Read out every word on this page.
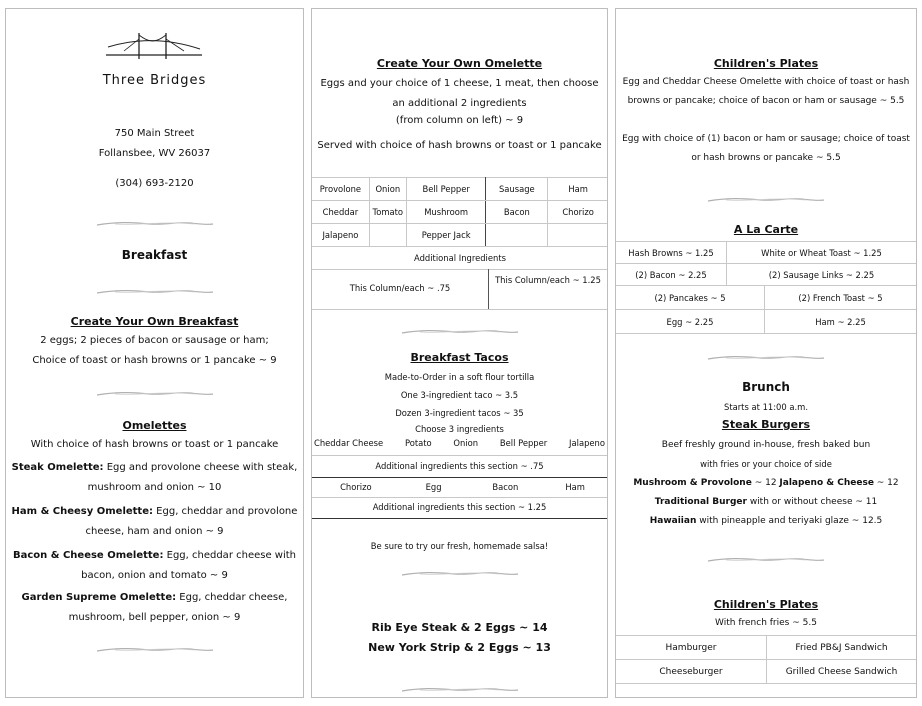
Three Bridges
750 Main Street
Follansbee, WV 26037
(304) 693-2120
Breakfast
Create Your Own Breakfast
2 eggs; 2 pieces of bacon or sausage or ham;
Choice of toast or hash browns or 1 pancake ~ 9
Omelettes
With choice of hash browns or toast or 1 pancake
Steak Omelette: Egg and provolone cheese with steak, mushroom and onion ~ 10
Ham & Cheesy Omelette: Egg, cheddar and provolone cheese, ham and onion ~ 9
Bacon & Cheese Omelette: Egg, cheddar cheese with bacon, onion and tomato ~ 9
Garden Supreme Omelette: Egg, cheddar cheese, mushroom, bell pepper, onion ~ 9
Create Your Own Omelette
Eggs and your choice of 1 cheese, 1 meat, then choose an additional 2 ingredients
(from column on left) ~ 9
Served with choice of hash browns or toast or 1 pancake
Provolone	Onion	Bell Pepper	Sausage	Ham
Cheddar	Tomato	Mushroom	Bacon	Chorizo
Jalapeno		Pepper Jack		
Additional Ingredients				
This Column/each ~ .75
This Column/each ~ 1.25
Breakfast Tacos
Made-to-Order in a soft flour tortilla
One 3-ingredient taco ~ 3.5
Dozen 3-ingredient tacos ~ 35
Choose 3 ingredients
Cheddar Cheese	Potato	Onion	Bell Pepper	Jalapeno
Additional ingredients this section ~ .75
Chorizo	Egg	Bacon	Ham
Additional ingredients this section ~ 1.25
Be sure to try our fresh, homemade salsa!
Rib Eye Steak & 2 Eggs ~ 14
New York Strip & 2 Eggs ~ 13
Children's Plates
Egg and Cheddar Cheese Omelette with choice of toast or hash browns or pancake; choice of bacon or ham or sausage ~ 5.5
Egg with choice of (1) bacon or ham or sausage; choice of toast or hash browns or pancake ~ 5.5
A La Carte
Hash Browns ~ 1.25	White or Wheat Toast ~ 1.25
(2) Bacon ~ 2.25	(2) Sausage Links ~ 2.25
(2) Pancakes ~ 5	(2) French Toast ~ 5
Egg ~ 2.25	Ham ~ 2.25
Brunch
Starts at 11:00 a.m.
Steak Burgers
Beef freshly ground in-house, fresh baked bun
with fries or your choice of side
Mushroom & Provolone ~ 12 Jalapeno & Cheese ~ 12
Traditional Burger with or without cheese ~ 11
Hawaiian with pineapple and teriyaki glaze ~ 12.5
Children's Plates
With french fries ~ 5.5
Hamburger	Fried PB&J Sandwich
Cheeseburger	Grilled Cheese Sandwich
